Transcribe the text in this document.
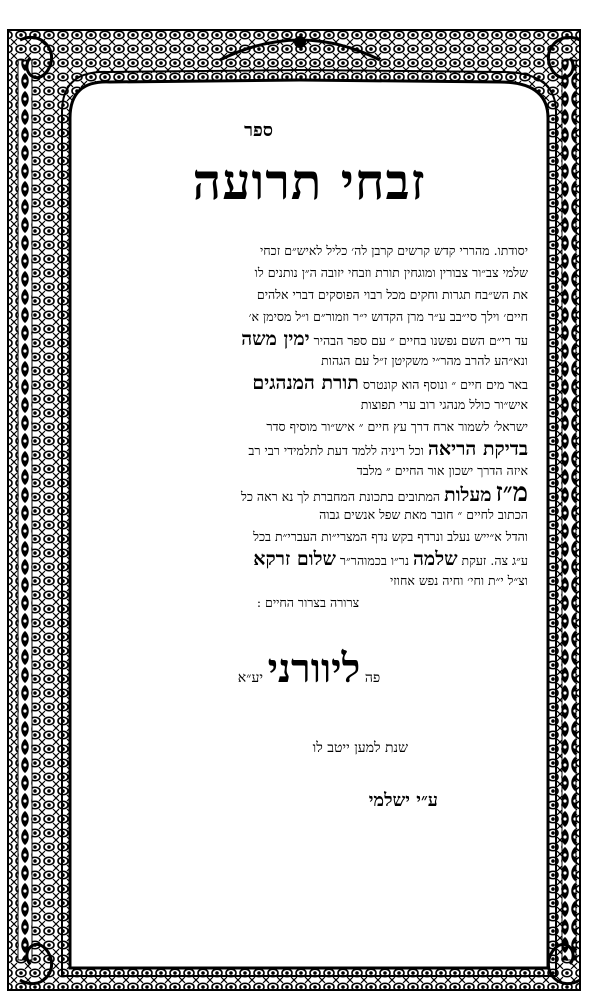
ספר
זבחי תרועה
יסודתו. מהררי קדש קרשים קרבן לה׳ כליל לאיש״ם זכחי
שלמי צב״ור צבורין ומוגחין תורת וזבחי יזובה ה״ן נותנים לו
את הש״בח תגרות וחקים מכל רבוי הפוסקים דברי אלהים
חיים׳ וילך סי״בב ע״ר מרן הקדוש י״ר וזמור״ם ו״ל מסימן א׳
עד רי״ם השם נפשנו בחיים ״ עם ספר הבהיר ימין משה
ונא״הע להרב מהר״י משקיטן ז״ל עם הגהות
באר מים חיים ״ ונוסף הוא קונטרס תורת המנהגים
איש״ור כולל מנהגי רוב ערי תפוצות
ישראל׳ לשמור ארח דרך עץ חיים ״ איש״ור מוסיף סדר
בדיקת הריאה וכל ריניה ללמד דעת לתלמידי רבי רב
איזה הדרך ישכון אור החיים ״ מלבד
מ״ז מעלות המתובים בתכונת המחברת לך נא ראה כל
הכתוב לחיים ״ חובר מאת שפל אנשים גבוה
והדל א״ייש נעלב ונרדף בקש נדף המצרי״ות העברי״ת בכל
ע״ג צה. זעקת שלמה נר״ו בכמוהר״ר שלום זרקא
וצ״ל י״ת וחי׳ וחיה נפש אחוזי
צרורה בצרור החיים :
פה ליוורני יע״א
שנת למען ייטב לו
ע״י ישלמי
